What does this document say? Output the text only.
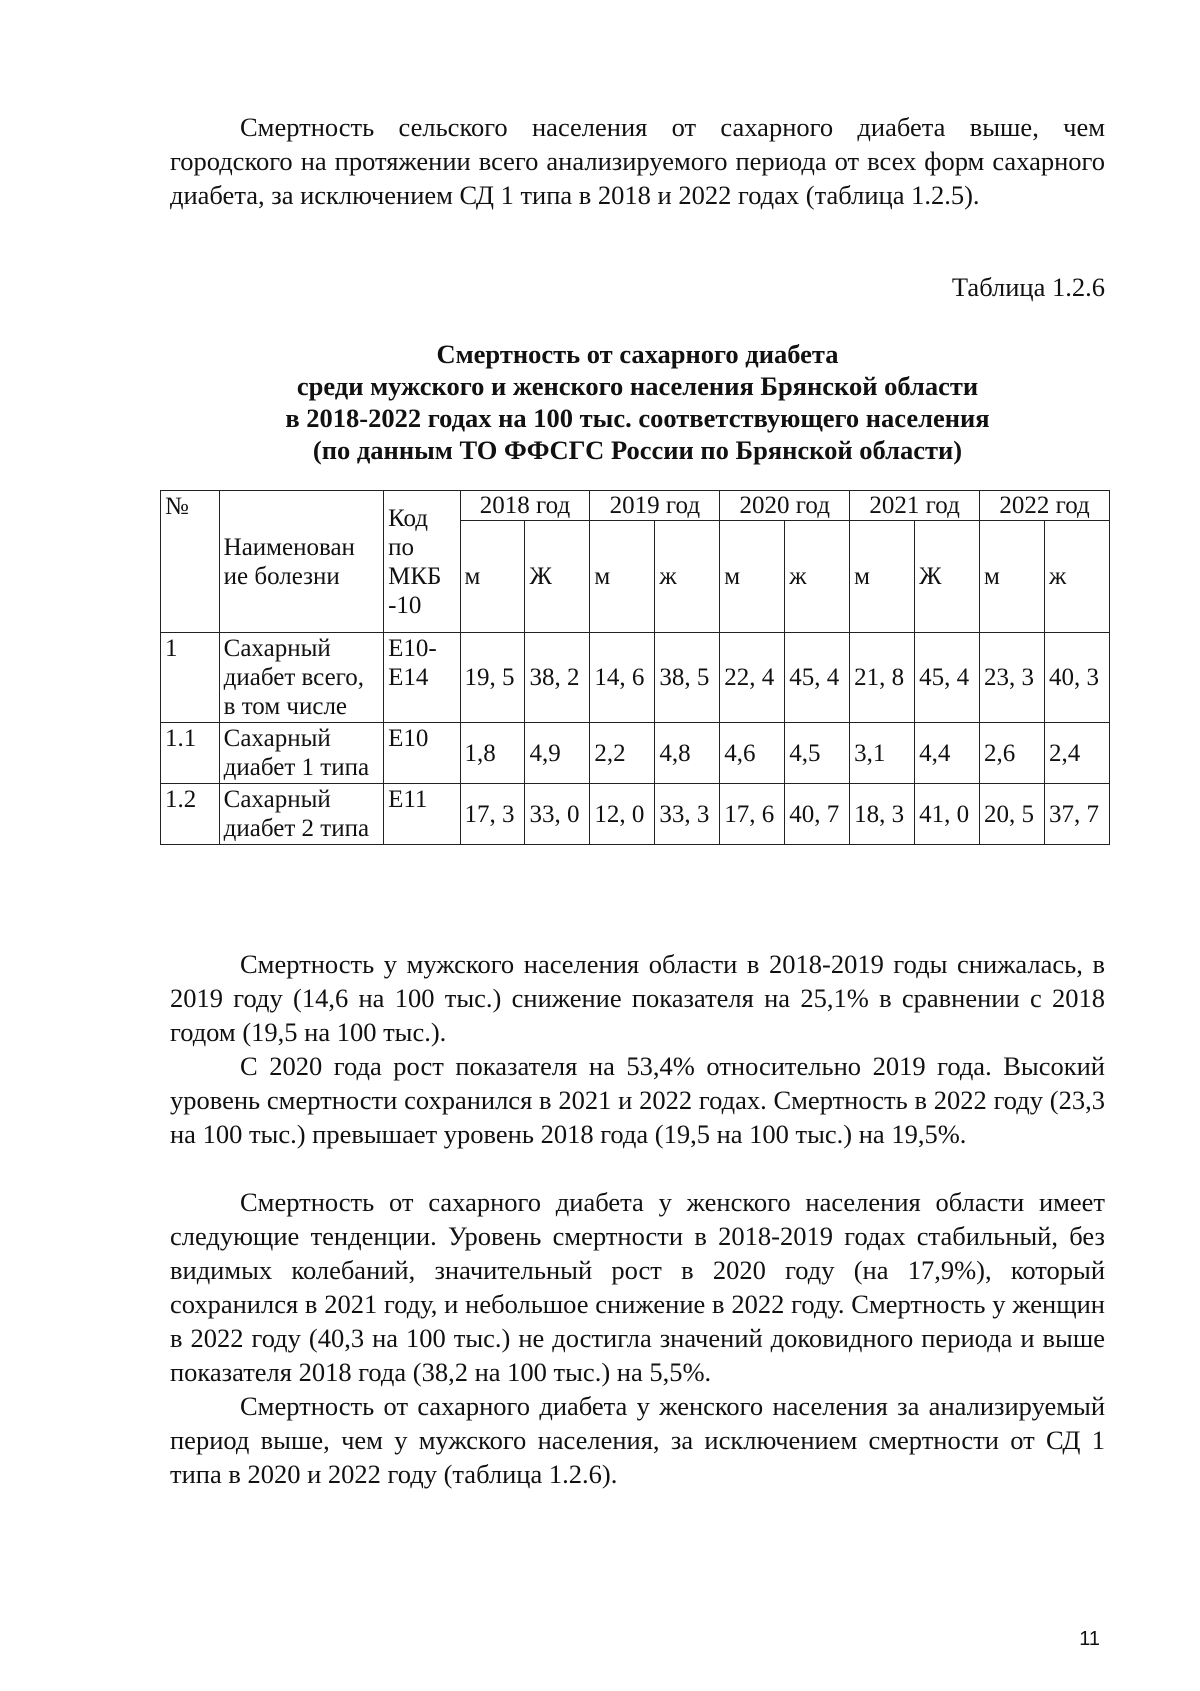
Смертность сельского населения от сахарного диабета выше, чем городского на протяжении всего анализируемого периода от всех форм сахарного диабета, за исключением СД 1 типа в 2018 и 2022 годах (таблица 1.2.5).

Таблица 1.2.6

Смертность от сахарного диабета
среди мужского и женского населения Брянской области
в 2018-2022 годах на 100 тыс. соответствующего населения
(по данным ТО ФФСГС России по Брянской области)
№	Наименован ие болезни	Код по МКБ -10	2018 год		2019 год		2020 год		2021 год		2022 год	
			м	Ж	м	ж	м	ж	м	Ж	м	ж
1	Сахарный диабет всего, в том числе	Е10- Е14	19, 5	38, 2	14, 6	38, 5	22, 4	45, 4	21, 8	45, 4	23, 3	40, 3
1.1	Сахарный диабет 1 типа	Е10	1,8	4,9	2,2	4,8	4,6	4,5	3,1	4,4	2,6	2,4
1.2	Сахарный диабет 2 типа	Е11	17, 3	33, 0	12, 0	33, 3	17, 6	40, 7	18, 3	41, 0	20, 5	37, 7

Смертность у мужского населения области в 2018-2019 годы снижалась, в 2019 году (14,6 на 100 тыс.) снижение показателя на 25,1% в сравнении с 2018 годом (19,5 на 100 тыс.).

С 2020 года рост показателя на 53,4% относительно 2019 года. Высокий уровень смертности сохранился в 2021 и 2022 годах. Смертность в 2022 году (23,3 на 100 тыс.) превышает уровень 2018 года (19,5 на 100 тыс.) на 19,5%.

Смертность от сахарного диабета у женского населения области имеет следующие тенденции. Уровень смертности в 2018-2019 годах стабильный, без видимых колебаний, значительный рост в 2020 году (на 17,9%), который сохранился в 2021 году, и небольшое снижение в 2022 году. Смертность у женщин в 2022 году (40,3 на 100 тыс.) не достигла значений доковидного периода и выше показателя 2018 года (38,2 на 100 тыс.) на 5,5%.

Смертность от сахарного диабета у женского населения за анализируемый период выше, чем у мужского населения, за исключением смертности от СД 1 типа в 2020 и 2022 году (таблица 1.2.6).

11
